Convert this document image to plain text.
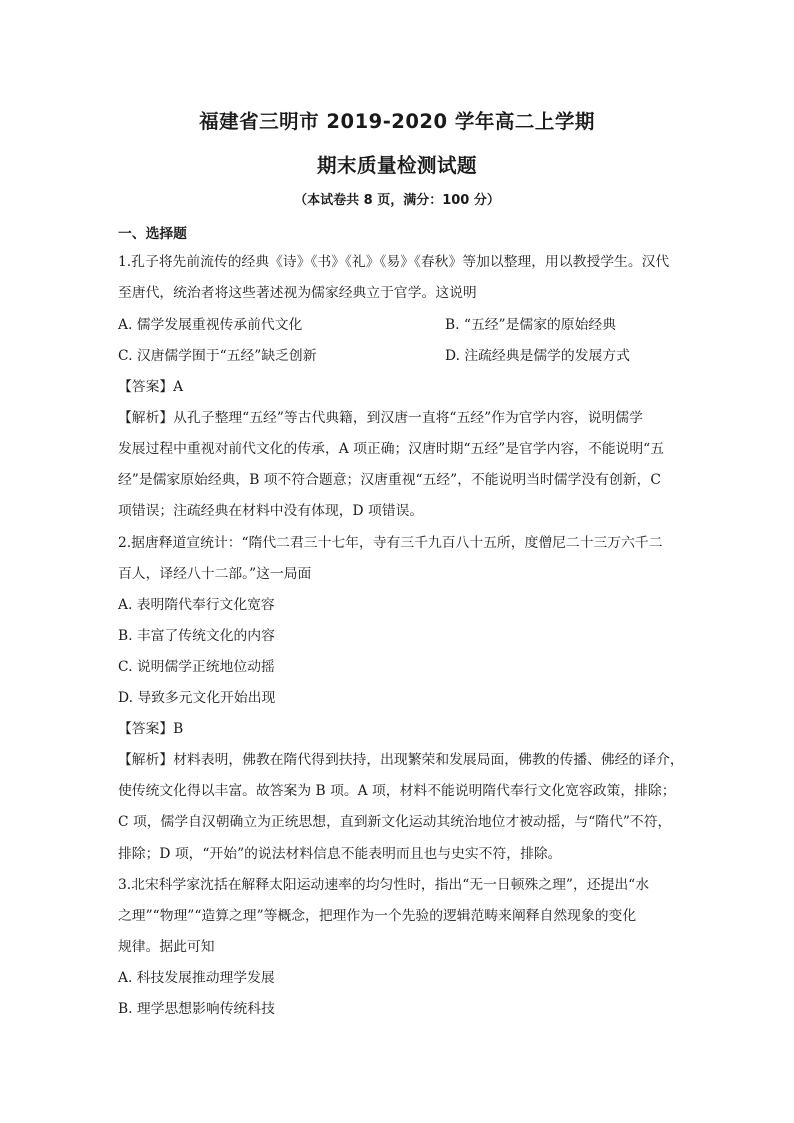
福建省三明市 2019-2020 学年高二上学期
期末质量检测试题
（本试卷共 8 页，满分：100 分）
一、选择题
1.孔子将先前流传的经典《诗》《书》《礼》《易》《春秋》等加以整理，用以教授学生。汉代
至唐代，统治者将这些著述视为儒家经典立于官学。这说明
A. 儒学发展重视传承前代文化	B. “五经”是儒家的原始经典
C. 汉唐儒学囿于“五经”缺乏创新	D. 注疏经典是儒学的发展方式
【答案】A
【解析】从孔子整理“五经”等古代典籍，到汉唐一直将“五经”作为官学内容，说明儒学
发展过程中重视对前代文化的传承，A 项正确；汉唐时期“五经”是官学内容，不能说明“五
经”是儒家原始经典，B 项不符合题意；汉唐重视“五经”，不能说明当时儒学没有创新，C
项错误；注疏经典在材料中没有体现，D 项错误。
2.据唐释道宣统计：“隋代二君三十七年，寺有三千九百八十五所，度僧尼二十三万六千二
百人，译经八十二部。”这一局面
A. 表明隋代奉行文化宽容
B. 丰富了传统文化的内容
C. 说明儒学正统地位动摇
D. 导致多元文化开始出现
【答案】B
【解析】材料表明，佛教在隋代得到扶持，出现繁荣和发展局面，佛教的传播、佛经的译介，
使传统文化得以丰富。故答案为 B 项。A 项，材料不能说明隋代奉行文化宽容政策，排除；
C 项，儒学自汉朝确立为正统思想，直到新文化运动其统治地位才被动摇，与“隋代”不符，
排除；D 项，“开始”的说法材料信息不能表明而且也与史实不符，排除。
3.北宋科学家沈括在解释太阳运动速率的均匀性时，指出“无一日顿殊之理”，还提出“水
之理”“物理”“造算之理”等概念，把理作为一个先验的逻辑范畴来阐释自然现象的变化
规律。据此可知
A. 科技发展推动理学发展
B. 理学思想影响传统科技
